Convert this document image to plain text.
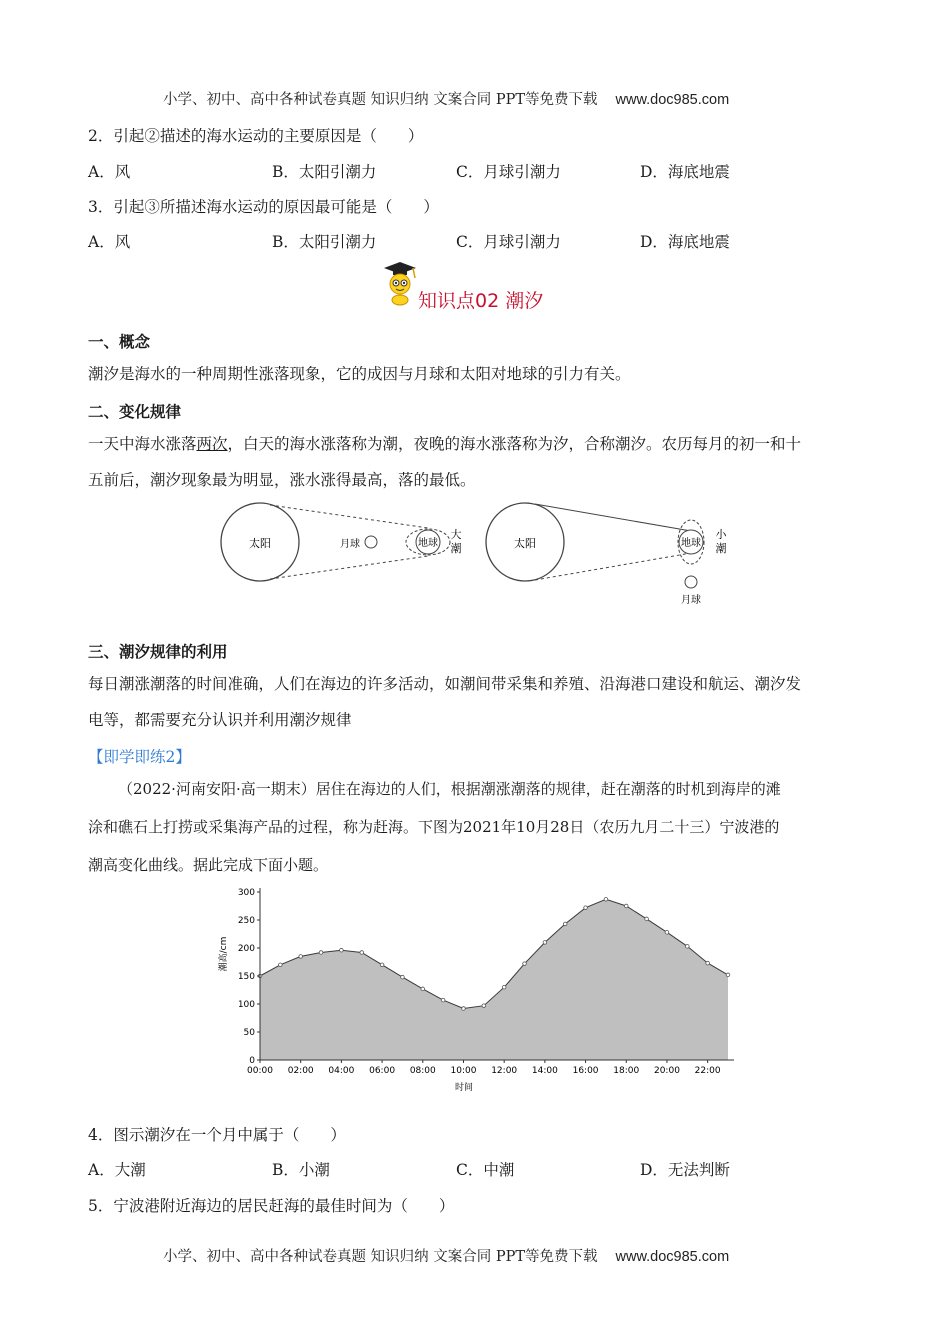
小学、初中、高中各种试卷真题 知识归纳 文案合同 PPT等免费下载 www.doc985.com
2．引起②描述的海水运动的主要原因是（　　）
A．风	B．太阳引潮力	C．月球引潮力	D．海底地震
3．引起③所描述海水运动的原因最可能是（　　）
A．风	B．太阳引潮力	C．月球引潮力	D．海底地震
知识点02 潮汐
一、概念
潮汐是海水的一种周期性涨落现象，它的成因与月球和太阳对地球的引力有关。
二、变化规律
一天中海水涨落两次，白天的海水涨落称为潮，夜晚的海水涨落称为汐，合称潮汐。农历每月的初一和十
五前后，潮汐现象最为明显，涨水涨得最高，落的最低。
太阳	月球	地球
大
潮	太阳	地球
月球
小
潮
三、潮汐规律的利用
每日潮涨潮落的时间准确，人们在海边的许多活动，如潮间带采集和养殖、沿海港口建设和航运、潮汐发
电等，都需要充分认识并利用潮汐规律
【即学即练2】
（2022·河南安阳·高一期末）居住在海边的人们，根据潮涨潮落的规律，赶在潮落的时机到海岸的滩
涂和礁石上打捞或采集海产品的过程，称为赶海。下图为2021年10月28日（农历九月二十三）宁波港的
潮高变化曲线。据此完成下面小题。
0
50
100
150
200
250
300
00:00 02:00 04:00 06:00 08:00 10:00 12:00 14:00 16:00 18:00 20:00 22:00
潮高/cm
时间
4．图示潮汐在一个月中属于（　　）
A．大潮	B．小潮	C．中潮	D．无法判断
5．宁波港附近海边的居民赶海的最佳时间为（　　）
小学、初中、高中各种试卷真题 知识归纳 文案合同 PPT等免费下载 www.doc985.com
